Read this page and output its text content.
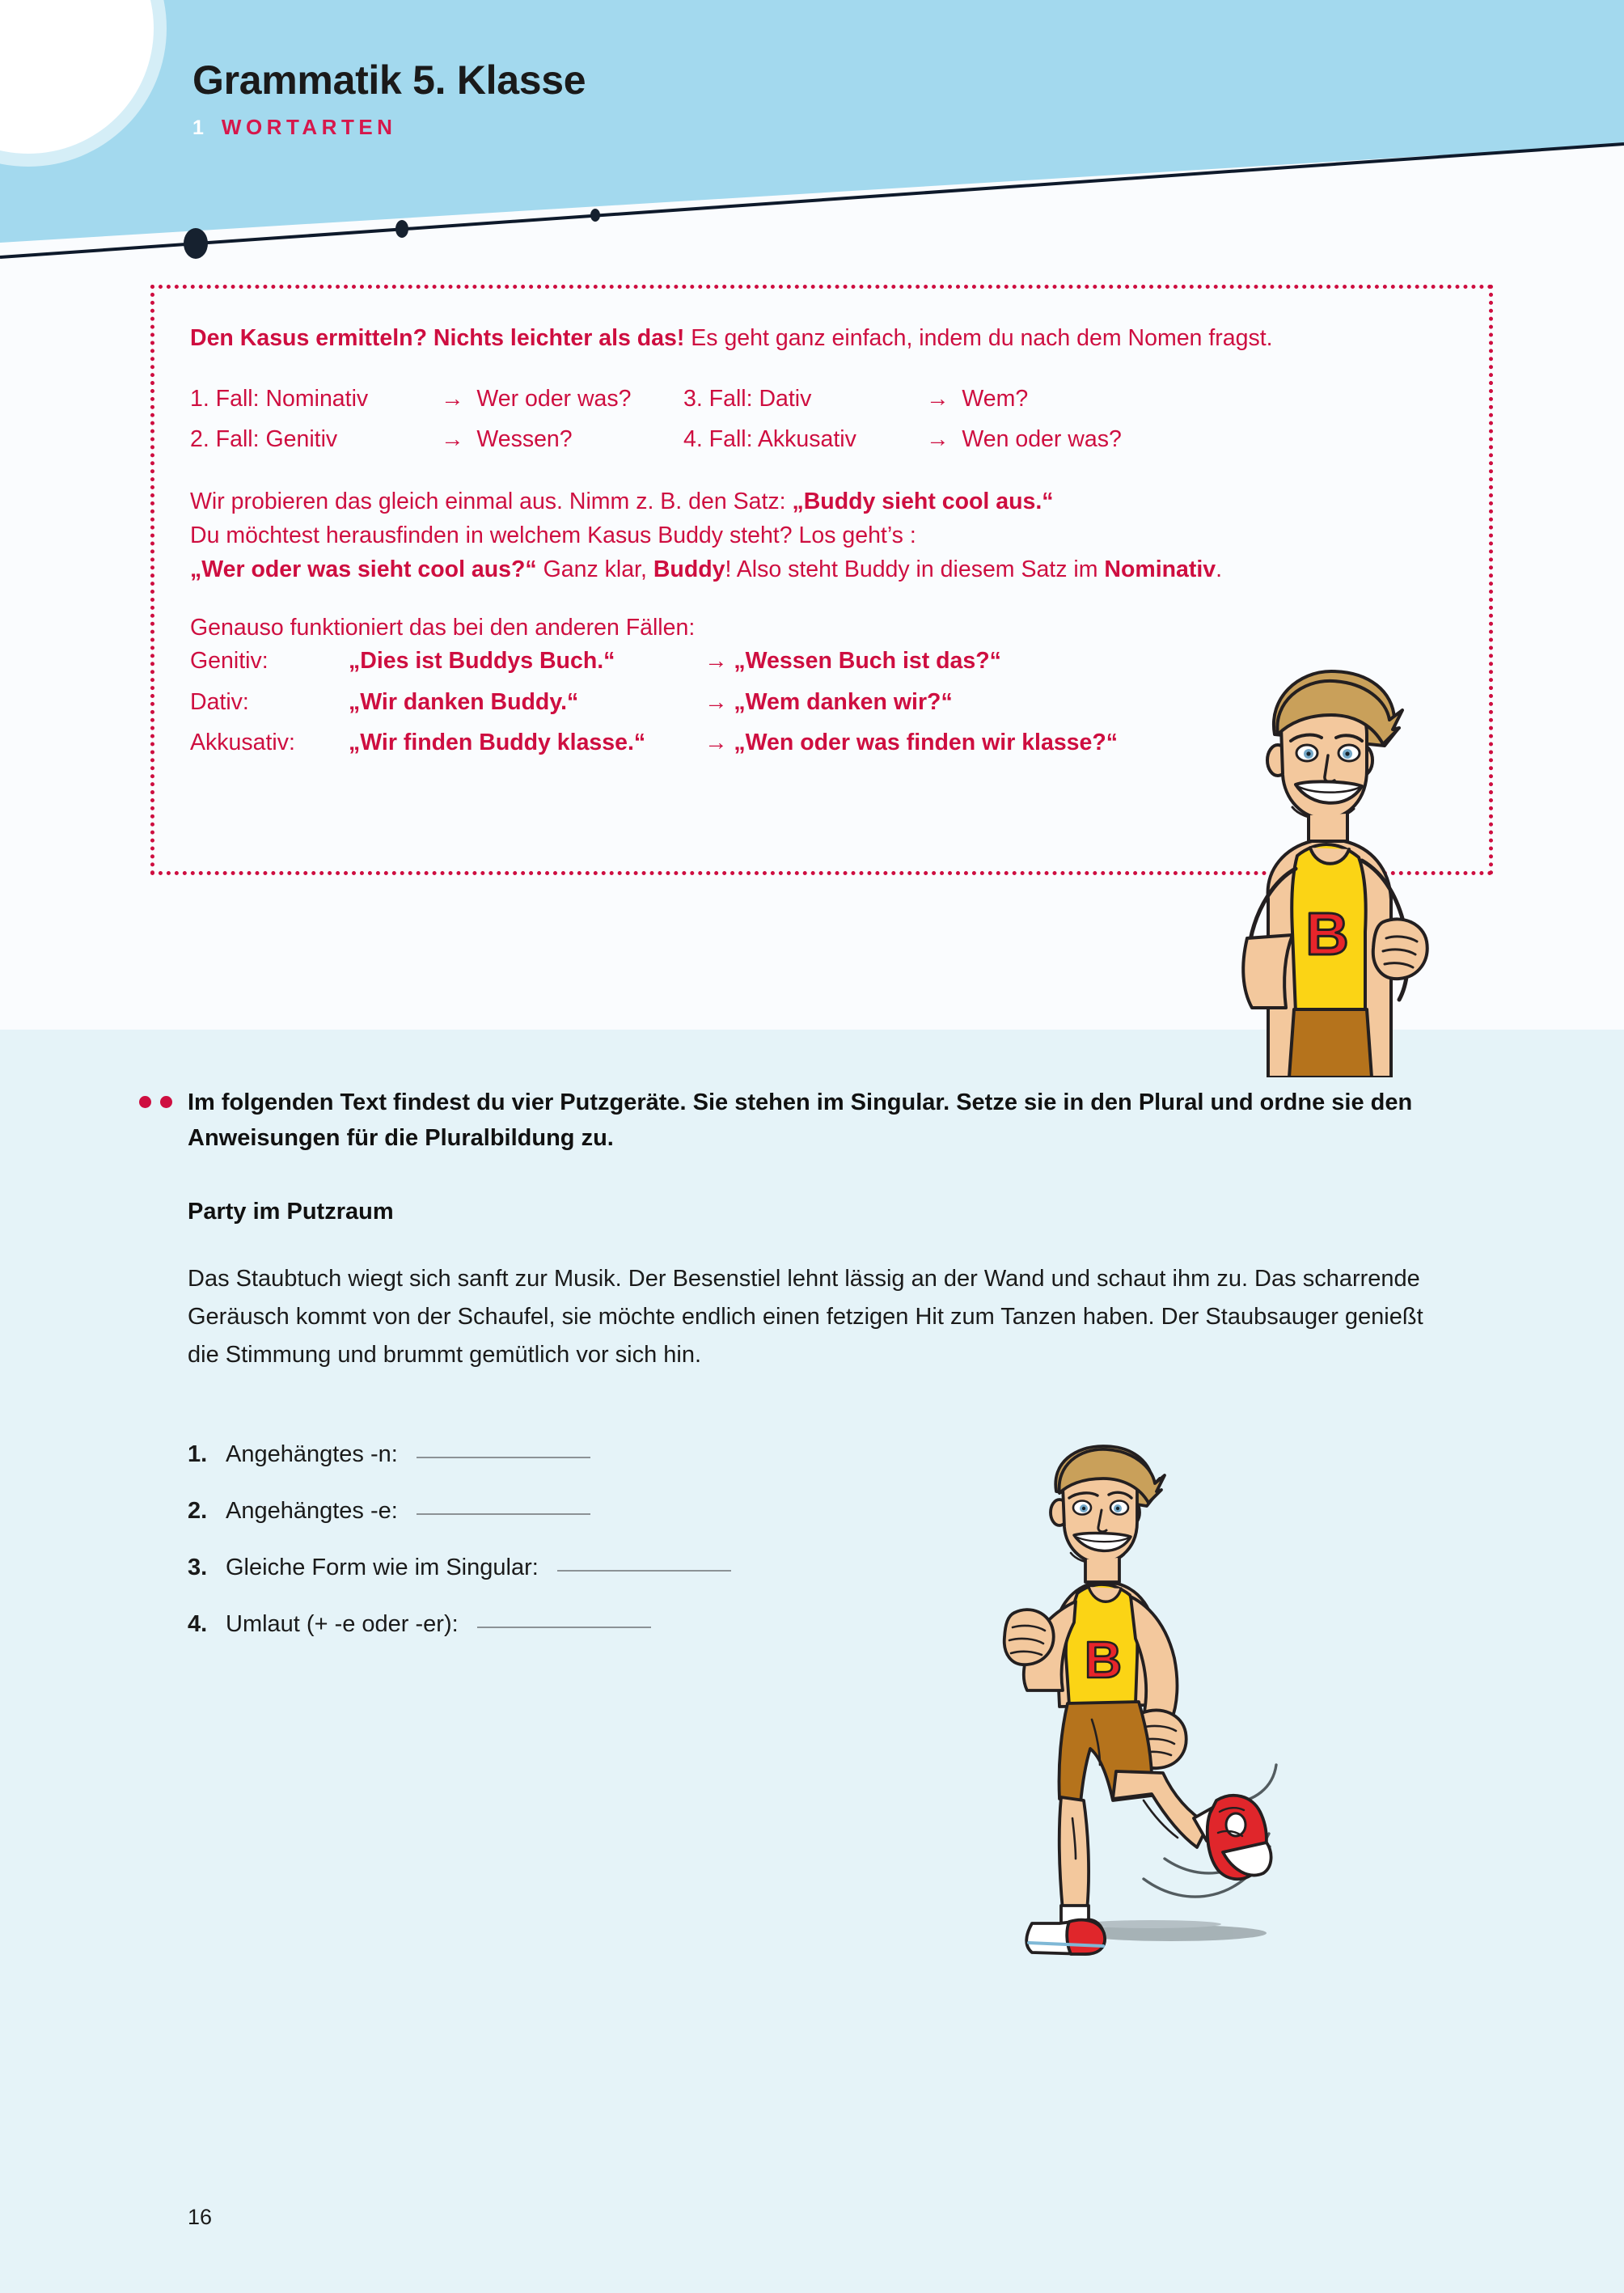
Grammatik 5. Klasse
1 WORTARTEN

Den Kasus ermitteln? Nichts leichter als das! Es geht ganz einfach, indem du nach dem Nomen fragst.

1. Fall: Nominativ	→ Wer oder was?	3. Fall: Dativ	→ Wem?
2. Fall: Genitiv	→ Wessen?	4. Fall: Akkusativ	→ Wen oder was?

Wir probieren das gleich einmal aus. Nimm z. B. den Satz: „Buddy sieht cool aus.“

Du möchtest herausfinden in welchem Kasus Buddy steht? Los geht’s :

„Wer oder was sieht cool aus?“ Ganz klar, Buddy! Also steht Buddy in diesem Satz im Nominativ.

Genauso funktioniert das bei den anderen Fällen:

Genitiv:	„Dies ist Buddys Buch.“	→ „Wessen Buch ist das?“
Dativ:	„Wir danken Buddy.“	→ „Wem danken wir?“
Akkusativ:	„Wir finden Buddy klasse.“	→ „Wen oder was finden wir klasse?“
B
B
Im folgenden Text findest du vier Putzgeräte. Sie stehen im Singular. Setze sie in den Plural und ordne sie den Anweisungen für die Pluralbildung zu.
Party im Putzraum
Das Staubtuch wiegt sich sanft zur Musik. Der Besenstiel lehnt lässig an der Wand und schaut ihm zu. Das scharrende Geräusch kommt von der Schaufel, sie möchte endlich einen fetzigen Hit zum Tanzen haben. Der Staubsauger genießt die Stimmung und brummt gemütlich vor sich hin.
1. Angehängtes -n:
2. Angehängtes -e:
3. Gleiche Form wie im Singular:
4. Umlaut (+ -e oder -er):
16
